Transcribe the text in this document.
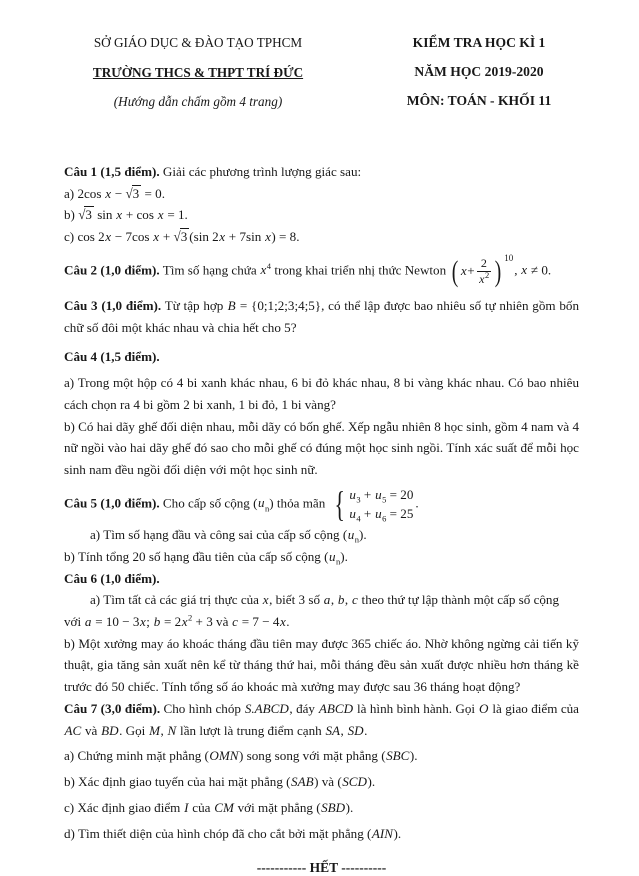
SỞ GIÁO DỤC & ĐÀO TẠO TPHCM
TRƯỜNG THCS & THPT TRÍ ĐỨC
(Hướng dẫn chấm gồm 4 trang)
KIỂM TRA HỌC KÌ 1
NĂM HỌC 2019-2020
MÔN: TOÁN - KHỐI 11
Câu 1 (1,5 điểm). Giải các phương trình lượng giác sau:
a) 2cos x − √3 = 0.
b) √3 sin x + cos x = 1.
c) cos 2x − 7cos x + √3 (sin 2x + 7sin x) = 8.
Câu 2 (1,0 điểm). Tìm số hạng chứa $x^4$ trong khai triển nhị thức Newton ( $x + \frac{2}{x^2}$ ) 10
, x ≠ 0.
Câu 3 (1,0 điểm). Từ tập hợp B = {0;1;2;3;4;5}, có thể lập được bao nhiêu số tự nhiên gồm bốn chữ số đôi một khác nhau và chia hết cho 5?
Câu 4 (1,5 điểm).
a) Trong một hộp có 4 bi xanh khác nhau, 6 bi đỏ khác nhau, 8 bi vàng khác nhau. Có bao nhiêu cách chọn ra 4 bi gồm 2 bi xanh, 1 bi đỏ, 1 bi vàng?
b) Có hai dãy ghế đối diện nhau, mỗi dãy có bốn ghế. Xếp ngẫu nhiên 8 học sinh, gồm 4 nam và 4 nữ ngồi vào hai dãy ghế đó sao cho mỗi ghế có đúng một học sinh ngồi. Tính xác suất để mỗi học sinh nam đều ngồi đối diện với một học sinh nữ.
Câu 5 (1,0 điểm). Cho cấp số cộng $(u_n)$ thỏa mãn { $u_3 + u_5 = 20$
$u_4 + u_6 = 25$
.
a) Tìm số hạng đầu và công sai của cấp số cộng $(u_n)$.
b) Tính tổng 20 số hạng đầu tiên của cấp số cộng $(u_n)$.
Câu 6 (1,0 điểm).
a) Tìm tất cả các giá trị thực của x, biết 3 số a, b, c theo thứ tự lập thành một cấp số cộng
với a = 10 − 3x; $b = 2x^2 + 3$ và c = 7 − 4x.
b) Một xưởng may áo khoác tháng đầu tiên may được 365 chiếc áo. Nhờ không ngừng cải tiến kỹ thuật, gia tăng sản xuất nên kể từ tháng thứ hai, mỗi tháng đều sản xuất được nhiều hơn tháng kề trước đó 50 chiếc. Tính tổng số áo khoác mà xưởng may được sau 36 tháng hoạt động?
Câu 7 (3,0 điểm). Cho hình chóp S.ABCD, đáy ABCD là hình bình hành. Gọi O là giao điểm của AC và BD. Gọi M, N lần lượt là trung điểm cạnh SA, SD.
a) Chứng minh mặt phẳng (OMN) song song với mặt phẳng (SBC).
b) Xác định giao tuyến của hai mặt phẳng (SAB) và (SCD).
c) Xác định giao điểm I của CM với mặt phẳng (SBD).
d) Tìm thiết diện của hình chóp đã cho cắt bởi mặt phẳng (AIN).
----------- HẾT ----------
